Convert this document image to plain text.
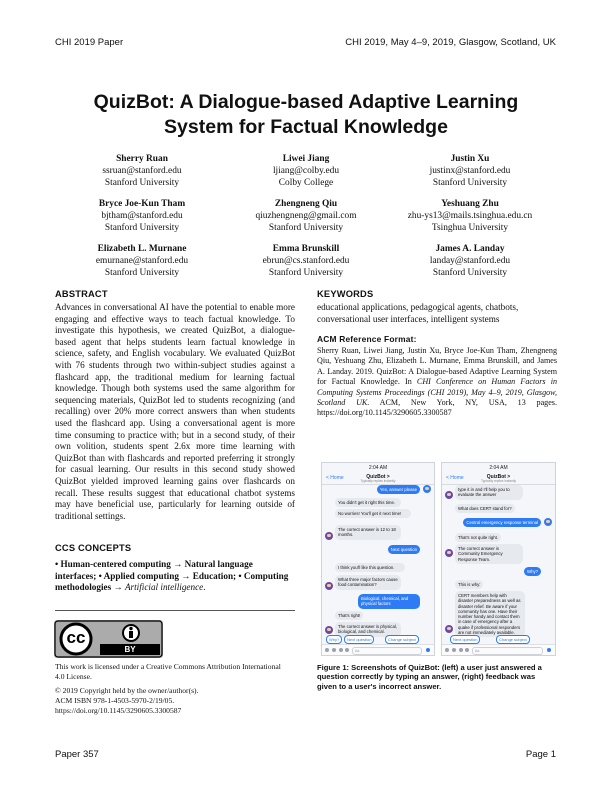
CHI 2019 Paper	CHI 2019, May 4–9, 2019, Glasgow, Scotland, UK
QuizBot: A Dialogue-based Adaptive Learning
System for Factual Knowledge
Sherry Ruan
ssruan@stanford.edu
Stanford University
Liwei Jiang
ljiang@colby.edu
Colby College
Justin Xu
justinx@stanford.edu
Stanford University
Bryce Joe-Kun Tham
bjtham@stanford.edu
Stanford University
Zhengneng Qiu
qiuzhengneng@gmail.com
Stanford University
Yeshuang Zhu
zhu-ys13@mails.tsinghua.edu.cn
Tsinghua University
Elizabeth L. Murnane
emurnane@stanford.edu
Stanford University
Emma Brunskill
ebrun@cs.stanford.edu
Stanford University
James A. Landay
landay@stanford.edu
Stanford University
ABSTRACT

Advances in conversational AI have the potential to enable more engaging and effective ways to teach factual knowledge. To investigate this hypothesis, we created QuizBot, a dialogue-based agent that helps students learn factual knowledge in science, safety, and English vocabulary. We evaluated QuizBot with 76 students through two within-subject studies against a flashcard app, the traditional medium for learning factual knowledge. Though both systems used the same algorithm for sequencing materials, QuizBot led to students recognizing (and recalling) over 20% more correct answers than when students used the flashcard app. Using a conversational agent is more time consuming to practice with; but in a second study, of their own volition, students spent 2.6x more time learning with QuizBot than with flashcards and reported preferring it strongly for casual learning. Our results in this second study showed QuizBot yielded improved learning gains over flashcards on recall. These results suggest that educational chatbot systems may have beneficial use, particularly for learning outside of traditional settings.

CCS CONCEPTS

• Human-centered computing → Natural language interfaces; • Applied computing → Education; • Computing methodologies → Artificial intelligence.

cc
BY

This work is licensed under a Creative Commons Attribution International 4.0 License.

© 2019 Copyright held by the owner/author(s).

ACM ISBN 978-1-4503-5970-2/19/05.

https://doi.org/10.1145/3290605.3300587

KEYWORDS

educational applications, pedagogical agents, chatbots, conversational user interfaces, intelligent systems

ACM Reference Format:

Sherry Ruan, Liwei Jiang, Justin Xu, Bryce Joe-Kun Tham, Zhengneng Qiu, Yeshuang Zhu, Elizabeth L. Murnane, Emma Brunskill, and James A. Landay. 2019. QuizBot: A Dialogue-based Adaptive Learning System for Factual Knowledge. In CHI Conference on Human Factors in Computing Systems Proceedings (CHI 2019), May 4–9, 2019, Glasgow, Scotland UK. ACM, New York, NY, USA, 13 pages. https://doi.org/10.1145/3290605.3300587

2:04 AM
< Home	QuizBot >
Typically replies instantly
Yes, answer please
You didn't get it right this time.
No worries! You'll get it next time!
The correct answer is 12 to 18 months.
Next question
I think you'll like this question.
What three major factors cause food contamination?
Biological, chemical, and physical factors
That's right!
The correct answer is physical, biological, and chemical.
Why?	Next question	Change subject
Aa
2:04 AM
< Home	QuizBot >
Typically replies instantly
type it in and I'll help you to evaluate the answer
What does CERT stand for?
Central emergency response terminal
That's not quite right.
The correct answer is Community Emergency Response Team.
Why?
This is why:
CERT members help with disaster preparedness as well as disaster relief. Be aware if your community has one. Have their number handy and contact them in case of emergency after a quake if professional responders are not immediately available.
Next question	Change subject
Aa
Figure 1: Screenshots of QuizBot: (left) a user just answered a question correctly by typing an answer, (right) feedback was given to a user's incorrect answer.
Paper 357	Page 1
